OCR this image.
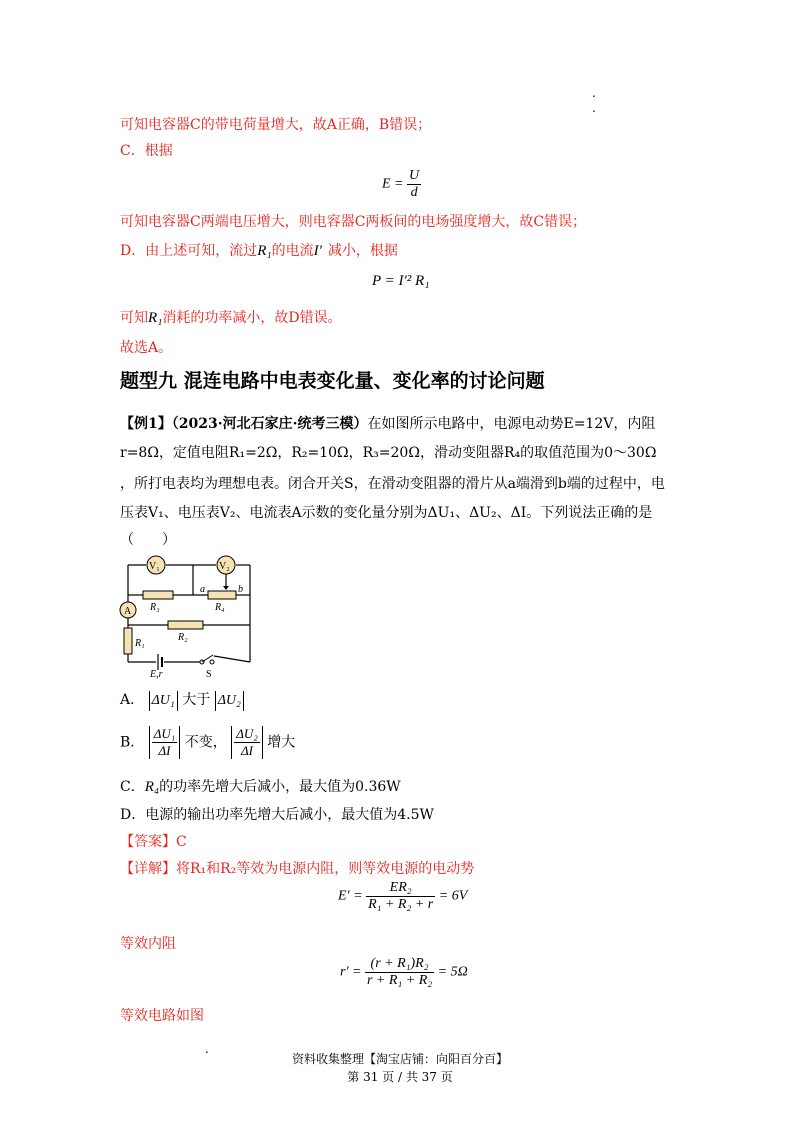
.
.
可知电容器C的带电荷量增大，故A正确，B错误；
C．根据
$E = \frac{U}{d}$
可知电容器C两端电压增大，则电容器C两板间的电场强度增大，故C错误；
D．由上述可知，流过R₁的电流I′ 减小，根据
P = I′² R₁
可知R₁消耗的功率减小，故D错误。
故选A。
题型九 混连电路中电表变化量、变化率的讨论问题
【例1】（2023·河北石家庄·统考三模）在如图所示电路中，电源电动势E=12V，内阻
r=8Ω，定值电阻R₁=2Ω，R₂=10Ω，R₃=20Ω，滑动变阻器R₄的取值范围为0～30Ω
，所打电表均为理想电表。闭合开关S，在滑动变阻器的滑片从a端滑到b端的过程中，电
压表V₁、电压表V₂、电流表A示数的变化量分别为ΔU₁、ΔU₂、ΔI。下列说法正确的是
（　　）
V₁	V₂
A R₃	R₄
R₂
R₁
a	b
E,r	S
A． ΔU₁ 大于 ΔU₂
B． $\frac{\text{ΔU₁}}{\Delta I}$ 不变， $\frac{\text{ΔU₂}}{\Delta I}$ 增大
C．R₄的功率先增大后减小，最大值为0.36W
D．电源的输出功率先增大后减小，最大值为4.5W
【答案】C
【详解】将R₁和R₂等效为电源内阻，则等效电源的电动势
$E' = \frac{\text{ER₂}}{\text{R₁ + R₂ + r}} = 6V$
等效内阻
$r' = \frac{\text{(r + R₁)R₂}}{\text{r + R₁ + R₂}} = 5\Omega$
等效电路如图
.
资料收集整理【淘宝店铺：向阳百分百】
第 31 页 / 共 37 页
